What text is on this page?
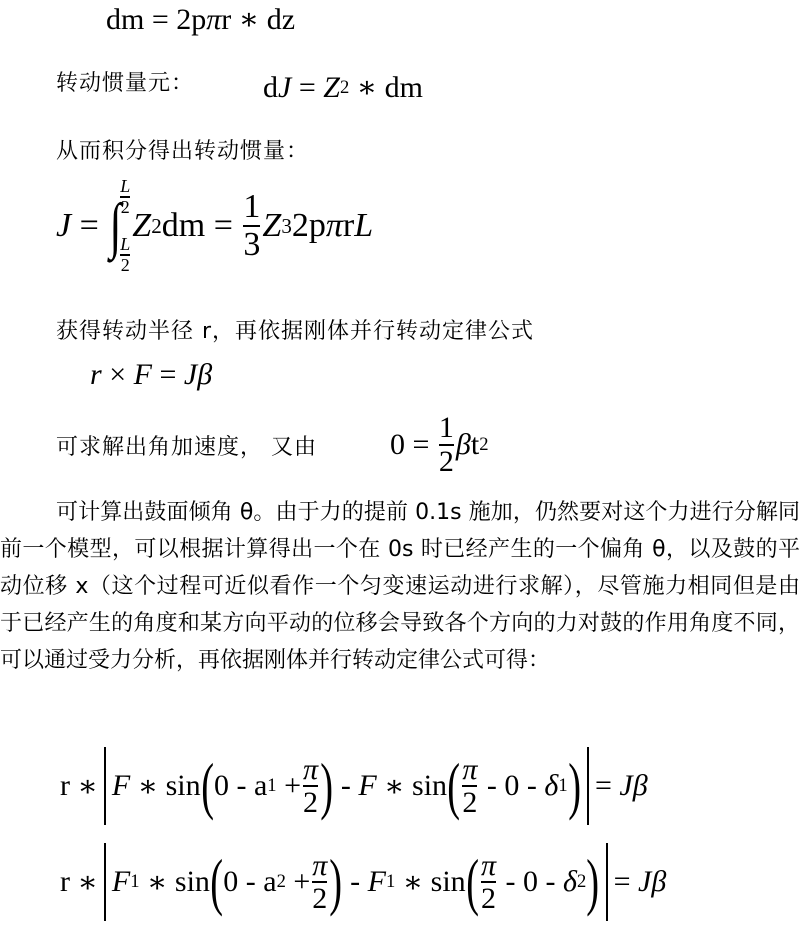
dm = 2p π r
∗
dz
转动惯量元： d J
=
Z 2
∗ dm
从而积分得出转动惯量：
J
=
∫
$\frac{L}{2}$
$\frac{L}{2}$
Z 2 dm
=
$\frac{1}{3}$ Z 3 2p π r L
获得转动半径 r，再依据刚体并行转动定律公式
r
×
F
=
J β
可求解出角加速度， 又由 0
=
$\frac{1}{2}$ β t 2
可计算出鼓面倾角 θ。由于力的提前 0.1s 施加，仍然要对这个力进行分解同前一个模型，可以根据计算得出一个在 0s 时已经产生的一个偏角 θ，以及鼓的平动位移 x（这个过程可近似看作一个匀变速运动进行求解），尽管施力相同但是由于已经产生的角度和某方向平动的位移会导致各个方向的力对鼓的作用角度不同，可以通过受力分析，再依据刚体并行转动定律公式可得：
r
∗ F
∗
sin ( 0
-
a 1
+ $\frac{\pi}{2}$ )
-
F
∗
sin ( $\frac{\pi}{2}$
-
0
-
δ 1 ) =
J β
r
∗ F 1
∗
sin ( 0
-
a 2
+ $\frac{\pi}{2}$ )
-
F 1
∗
sin ( $\frac{\pi}{2}$
-
0
-
δ 2 ) =
J β
